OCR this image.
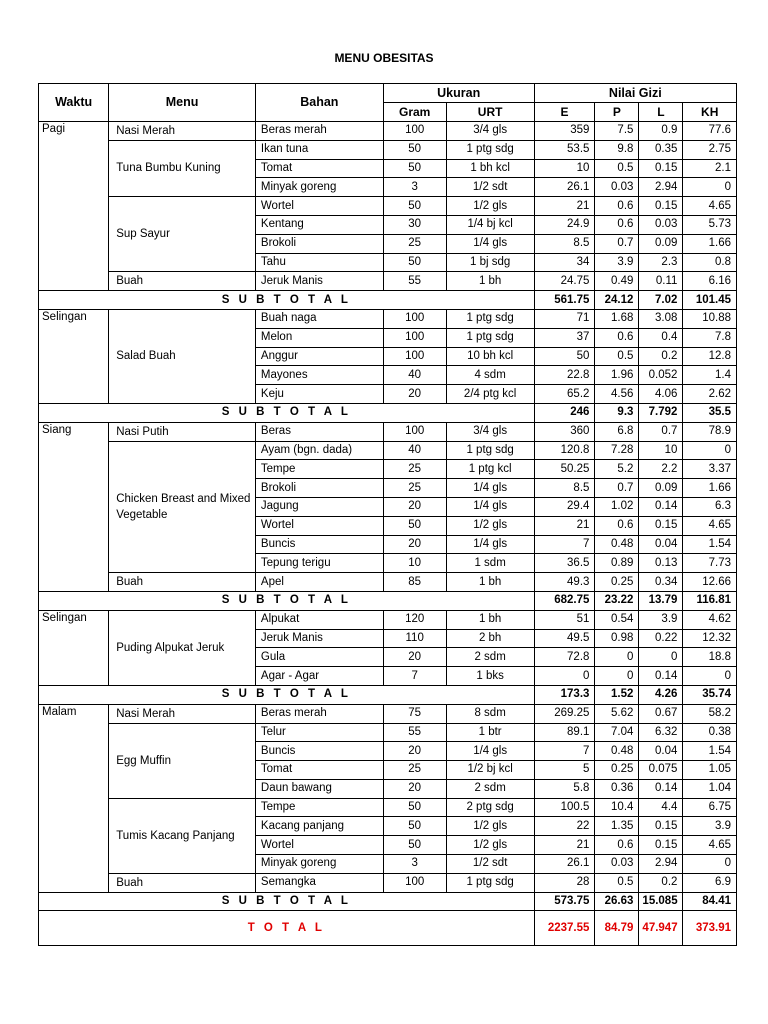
MENU OBESITAS
Waktu	Menu	Bahan	Ukuran		Nilai Gizi			
			Gram	URT	E	P	L	KH
Pagi	Nasi Merah	Beras merah	100	3/4 gls	359	7.5	0.9	77.6
	Tuna Bumbu Kuning	Ikan tuna	50	1 ptg sdg	53.5	9.8	0.35	2.75
		Tomat	50	1 bh kcl	10	0.5	0.15	2.1
		Minyak goreng	3	1/2 sdt	26.1	0.03	2.94	0
	Sup Sayur	Wortel	50	1/2 gls	21	0.6	0.15	4.65
		Kentang	30	1/4 bj kcl	24.9	0.6	0.03	5.73
		Brokoli	25	1/4 gls	8.5	0.7	0.09	1.66
		Tahu	50	1 bj sdg	34	3.9	2.3	0.8
	Buah	Jeruk Manis	55	1 bh	24.75	0.49	0.11	6.16
S U B T O T A L					561.75	24.12	7.02	101.45
Selingan	Salad Buah	Buah naga	100	1 ptg sdg	71	1.68	3.08	10.88
		Melon	100	1 ptg sdg	37	0.6	0.4	7.8
		Anggur	100	10 bh kcl	50	0.5	0.2	12.8
		Mayones	40	4 sdm	22.8	1.96	0.052	1.4
		Keju	20	2/4 ptg kcl	65.2	4.56	4.06	2.62
S U B T O T A L					246	9.3	7.792	35.5
Siang	Nasi Putih	Beras	100	3/4 gls	360	6.8	0.7	78.9
	Chicken Breast and Mixed Vegetable	Ayam (bgn. dada)	40	1 ptg sdg	120.8	7.28	10	0
		Tempe	25	1 ptg kcl	50.25	5.2	2.2	3.37
		Brokoli	25	1/4 gls	8.5	0.7	0.09	1.66
		Jagung	20	1/4 gls	29.4	1.02	0.14	6.3
		Wortel	50	1/2 gls	21	0.6	0.15	4.65
		Buncis	20	1/4 gls	7	0.48	0.04	1.54
		Tepung terigu	10	1 sdm	36.5	0.89	0.13	7.73
	Buah	Apel	85	1 bh	49.3	0.25	0.34	12.66
S U B T O T A L					682.75	23.22	13.79	116.81
Selingan	Puding Alpukat Jeruk	Alpukat	120	1 bh	51	0.54	3.9	4.62
		Jeruk Manis	110	2 bh	49.5	0.98	0.22	12.32
		Gula	20	2 sdm	72.8	0	0	18.8
		Agar - Agar	7	1 bks	0	0	0.14	0
S U B T O T A L					173.3	1.52	4.26	35.74
Malam	Nasi Merah	Beras merah	75	8 sdm	269.25	5.62	0.67	58.2
	Egg Muffin	Telur	55	1 btr	89.1	7.04	6.32	0.38
		Buncis	20	1/4 gls	7	0.48	0.04	1.54
		Tomat	25	1/2 bj kcl	5	0.25	0.075	1.05
		Daun bawang	20	2 sdm	5.8	0.36	0.14	1.04
	Tumis Kacang Panjang	Tempe	50	2 ptg sdg	100.5	10.4	4.4	6.75
		Kacang panjang	50	1/2 gls	22	1.35	0.15	3.9
		Wortel	50	1/2 gls	21	0.6	0.15	4.65
		Minyak goreng	3	1/2 sdt	26.1	0.03	2.94	0
	Buah	Semangka	100	1 ptg sdg	28	0.5	0.2	6.9
S U B T O T A L					573.75	26.63	15.085	84.41
T O T A L					2237.55	84.79	47.947	373.91
